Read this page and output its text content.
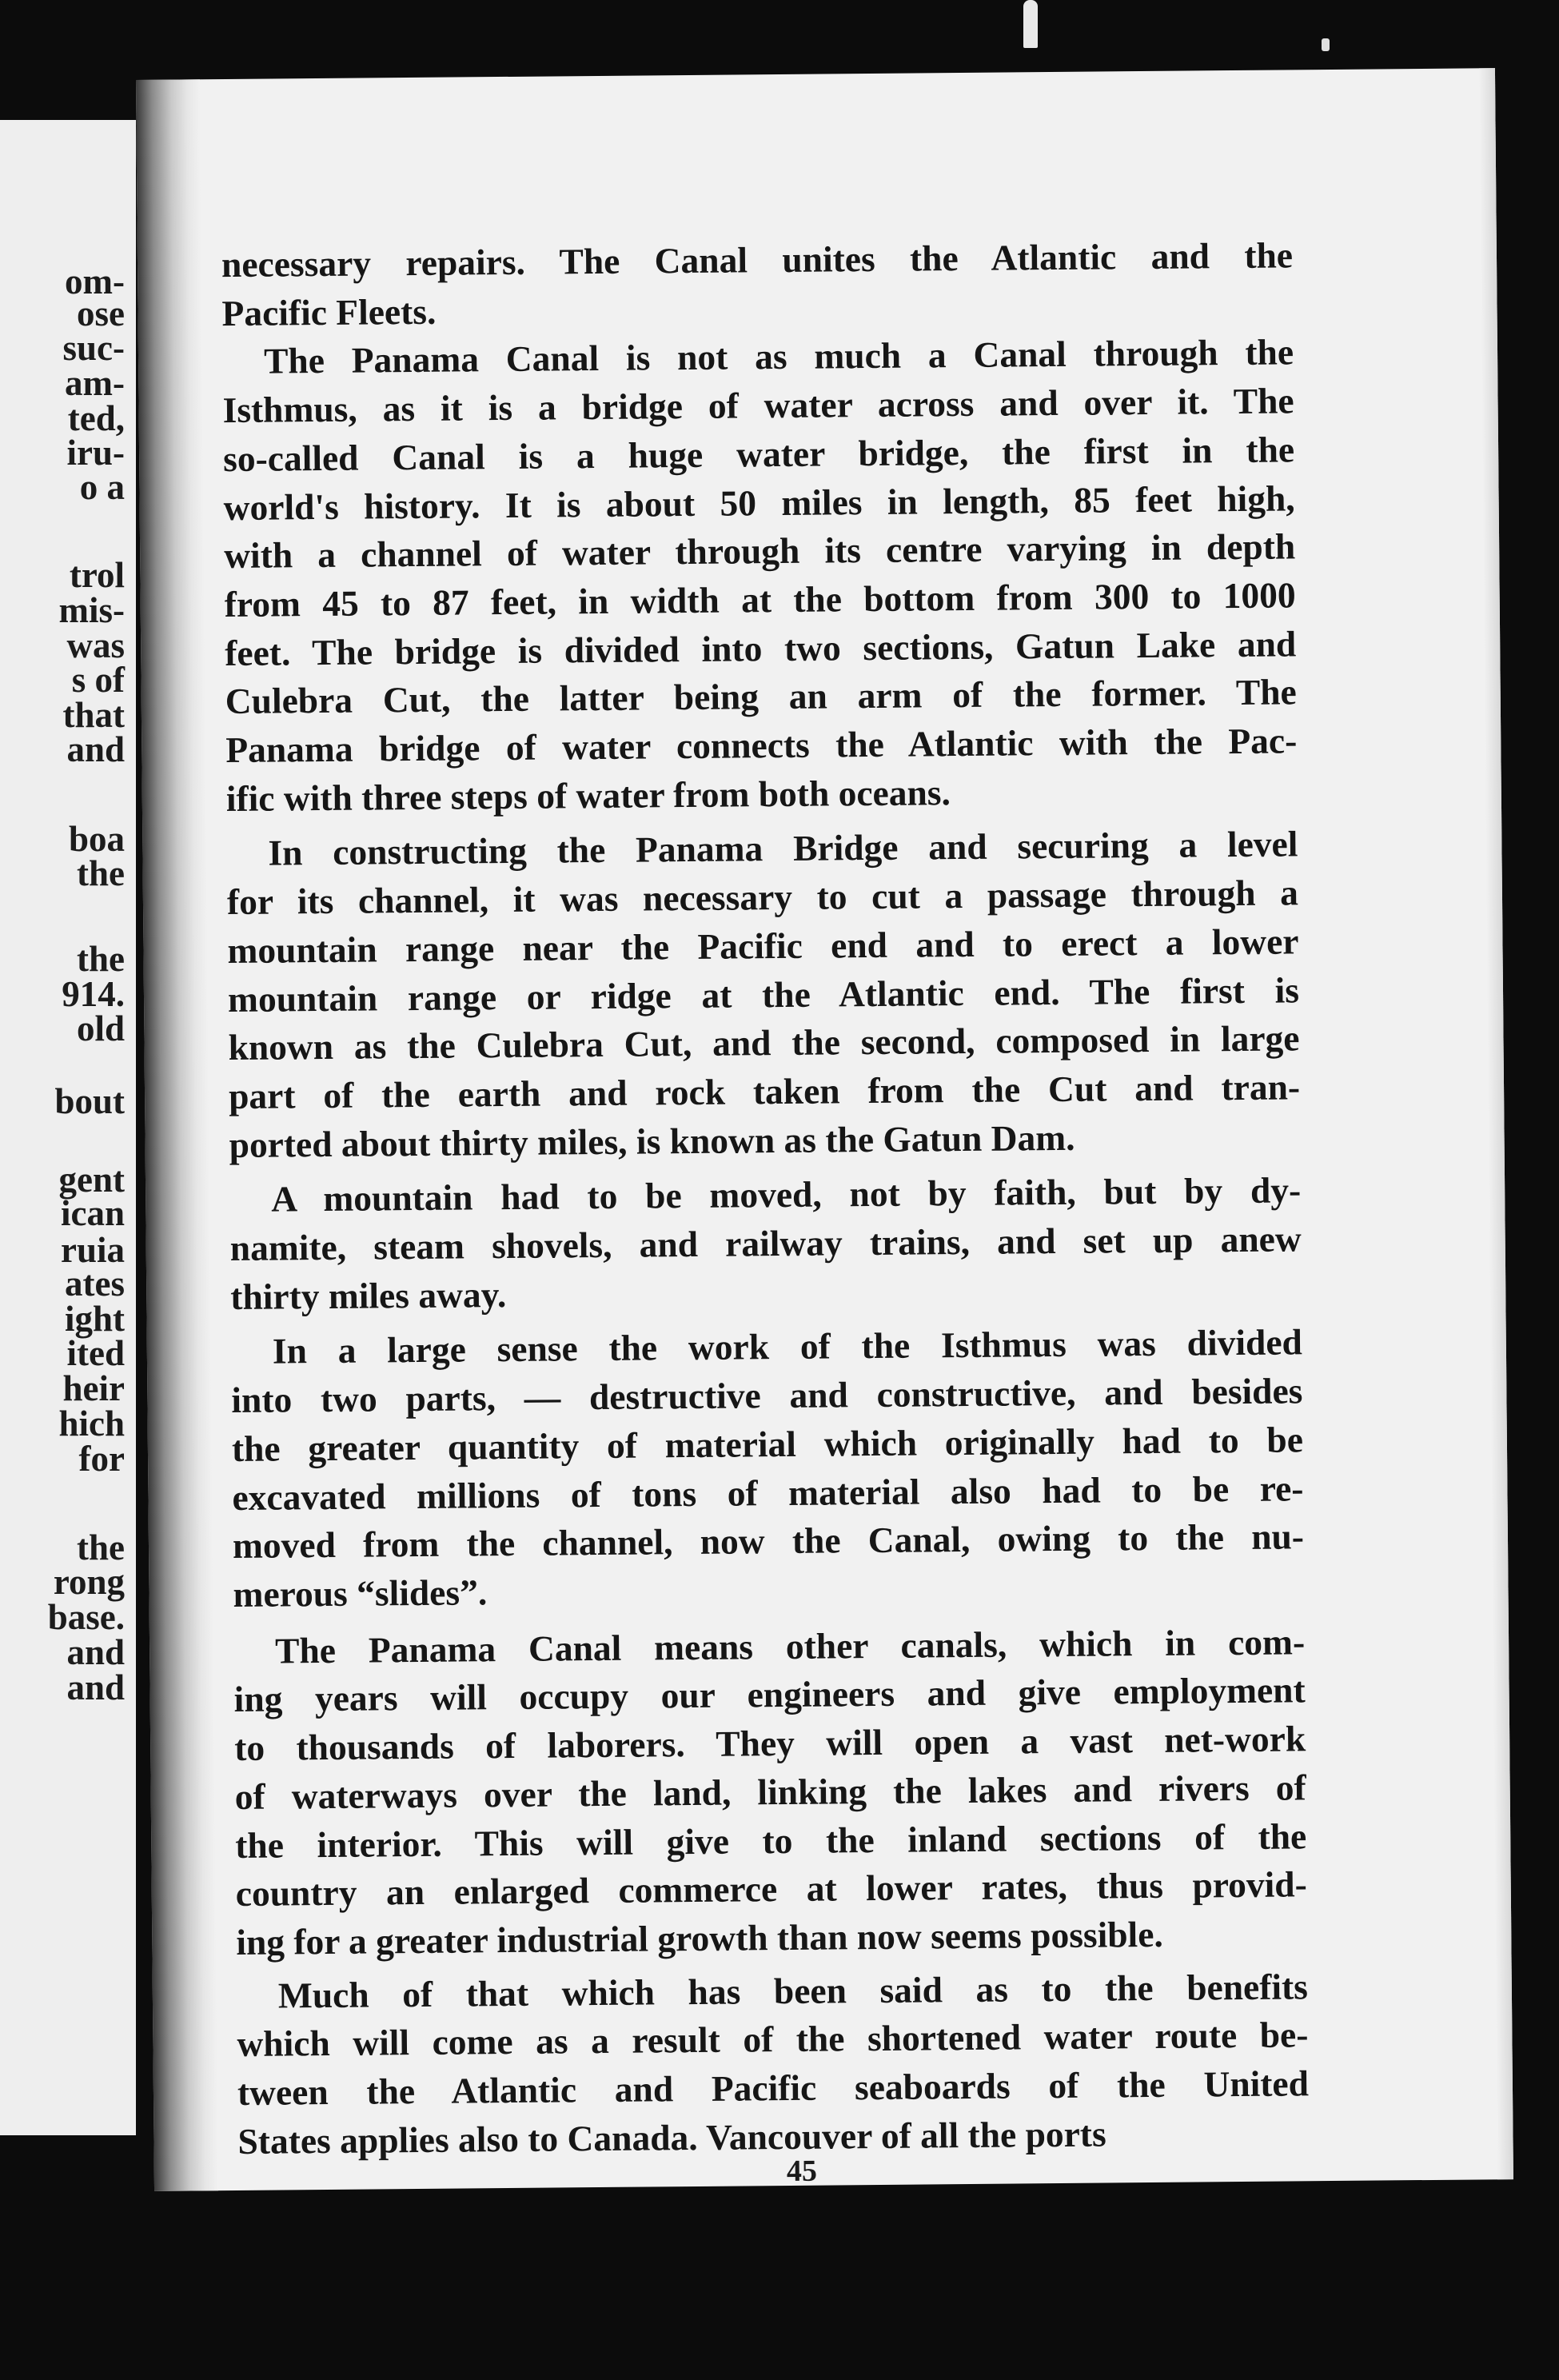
om-
ose
suc-
am-
ted,
iru-
o a
trol
mis-
was
s of
that
and
boa
the
the
914.
old
bout
gent
ican
ruia
ates
ight
ited
heir
hich
for
the
rong
base.
and
and

necessary repairs. The Canal unites the Atlantic and the
Pacific Fleets.

The Panama Canal is not as much a Canal through the
Isthmus, as it is a bridge of water across and over it. The
so-called Canal is a huge water bridge, the first in the
world's history. It is about 50 miles in length, 85 feet high,
with a channel of water through its centre varying in depth
from 45 to 87 feet, in width at the bottom from 300 to 1000
feet. The bridge is divided into two sections, Gatun Lake and
Culebra Cut, the latter being an arm of the former. The
Panama bridge of water connects the Atlantic with the Pac-
ific with three steps of water from both oceans.

In constructing the Panama Bridge and securing a level
for its channel, it was necessary to cut a passage through a
mountain range near the Pacific end and to erect a lower
mountain range or ridge at the Atlantic end. The first is
known as the Culebra Cut, and the second, composed in large
part of the earth and rock taken from the Cut and tran-
ported about thirty miles, is known as the Gatun Dam.

A mountain had to be moved, not by faith, but by dy-
namite, steam shovels, and railway trains, and set up anew
thirty miles away.

In a large sense the work of the Isthmus was divided
into two parts, — destructive and constructive, and besides
the greater quantity of material which originally had to be
excavated millions of tons of material also had to be re-
moved from the channel, now the Canal, owing to the nu-
merous “slides”.

The Panama Canal means other canals, which in com-
ing years will occupy our engineers and give employment
to thousands of laborers. They will open a vast net-work
of waterways over the land, linking the lakes and rivers of
the interior. This will give to the inland sections of the
country an enlarged commerce at lower rates, thus provid-
ing for a greater industrial growth than now seems possible.

Much of that which has been said as to the benefits
which will come as a result of the shortened water route be-
tween the Atlantic and Pacific seaboards of the United
States applies also to Canada. Vancouver of all the ports

45
